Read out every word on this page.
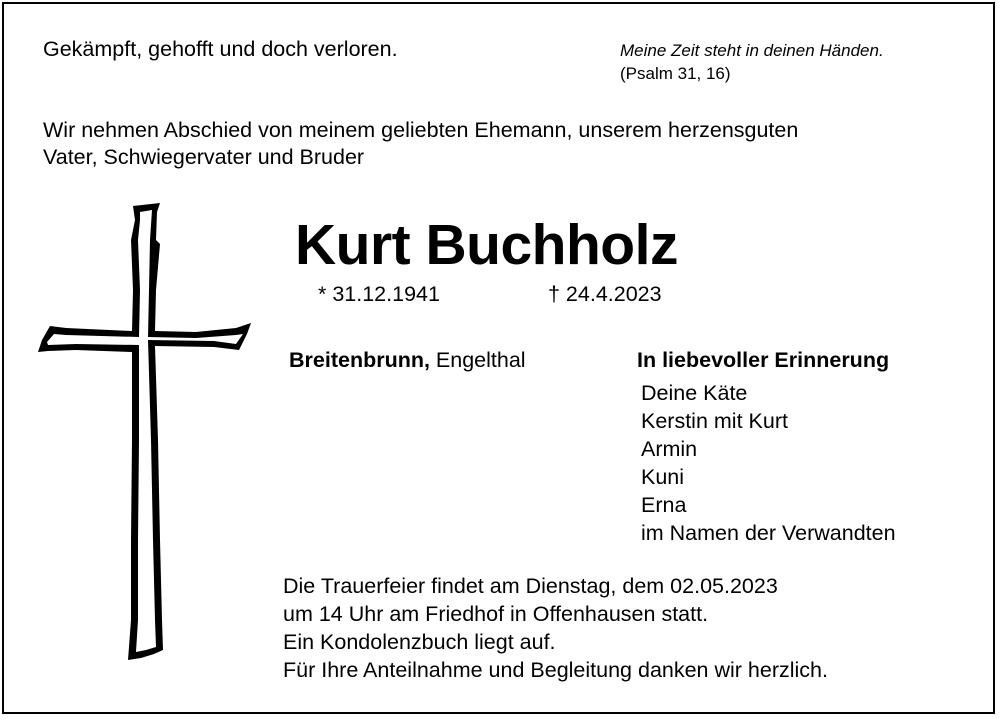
Gekämpft, gehofft und doch verloren.	Meine Zeit steht in deinen Händen.
(Psalm 31, 16)
Wir nehmen Abschied von meinem geliebten Ehemann, unserem herzensguten
Vater, Schwiegervater und Bruder
Kurt Buchholz
* 31.12.1941	† 24.4.2023
Breitenbrunn, Engelthal	In liebevoller Erinnerung
Deine Käte
Kerstin mit Kurt
Armin
Kuni
Erna
im Namen der Verwandten
Die Trauerfeier findet am Dienstag, dem 02.05.2023
um 14 Uhr am Friedhof in Offenhausen statt.
Ein Kondolenzbuch liegt auf.
Für Ihre Anteilnahme und Begleitung danken wir herzlich.
